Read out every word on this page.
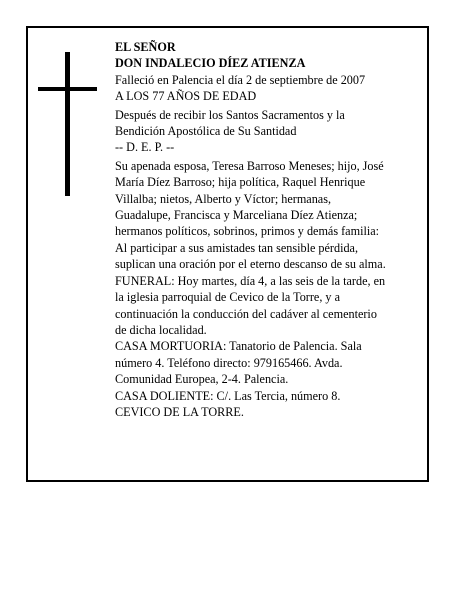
EL SEÑOR
DON INDALECIO DÍEZ ATIENZA
Falleció en Palencia el día 2 de septiembre de 2007
A LOS 77 AÑOS DE EDAD
Después de recibir los Santos Sacramentos y la
Bendición Apostólica de Su Santidad
-- D. E. P. --
Su apenada esposa, Teresa Barroso Meneses; hijo, José
María Díez Barroso; hija política, Raquel Henrique
Villalba; nietos, Alberto y Víctor; hermanas,
Guadalupe, Francisca y Marceliana Díez Atienza;
hermanos políticos, sobrinos, primos y demás familia:
Al participar a sus amistades tan sensible pérdida,
suplican una oración por el eterno descanso de su alma.
FUNERAL: Hoy martes, día 4, a las seis de la tarde, en
la iglesia parroquial de Cevico de la Torre, y a
continuación la conducción del cadáver al cementerio
de dicha localidad.
CASA MORTUORIA: Tanatorio de Palencia. Sala
número 4. Teléfono directo: 979165466. Avda.
Comunidad Europea, 2-4. Palencia.
CASA DOLIENTE: C/. Las Tercia, número 8.
CEVICO DE LA TORRE.
